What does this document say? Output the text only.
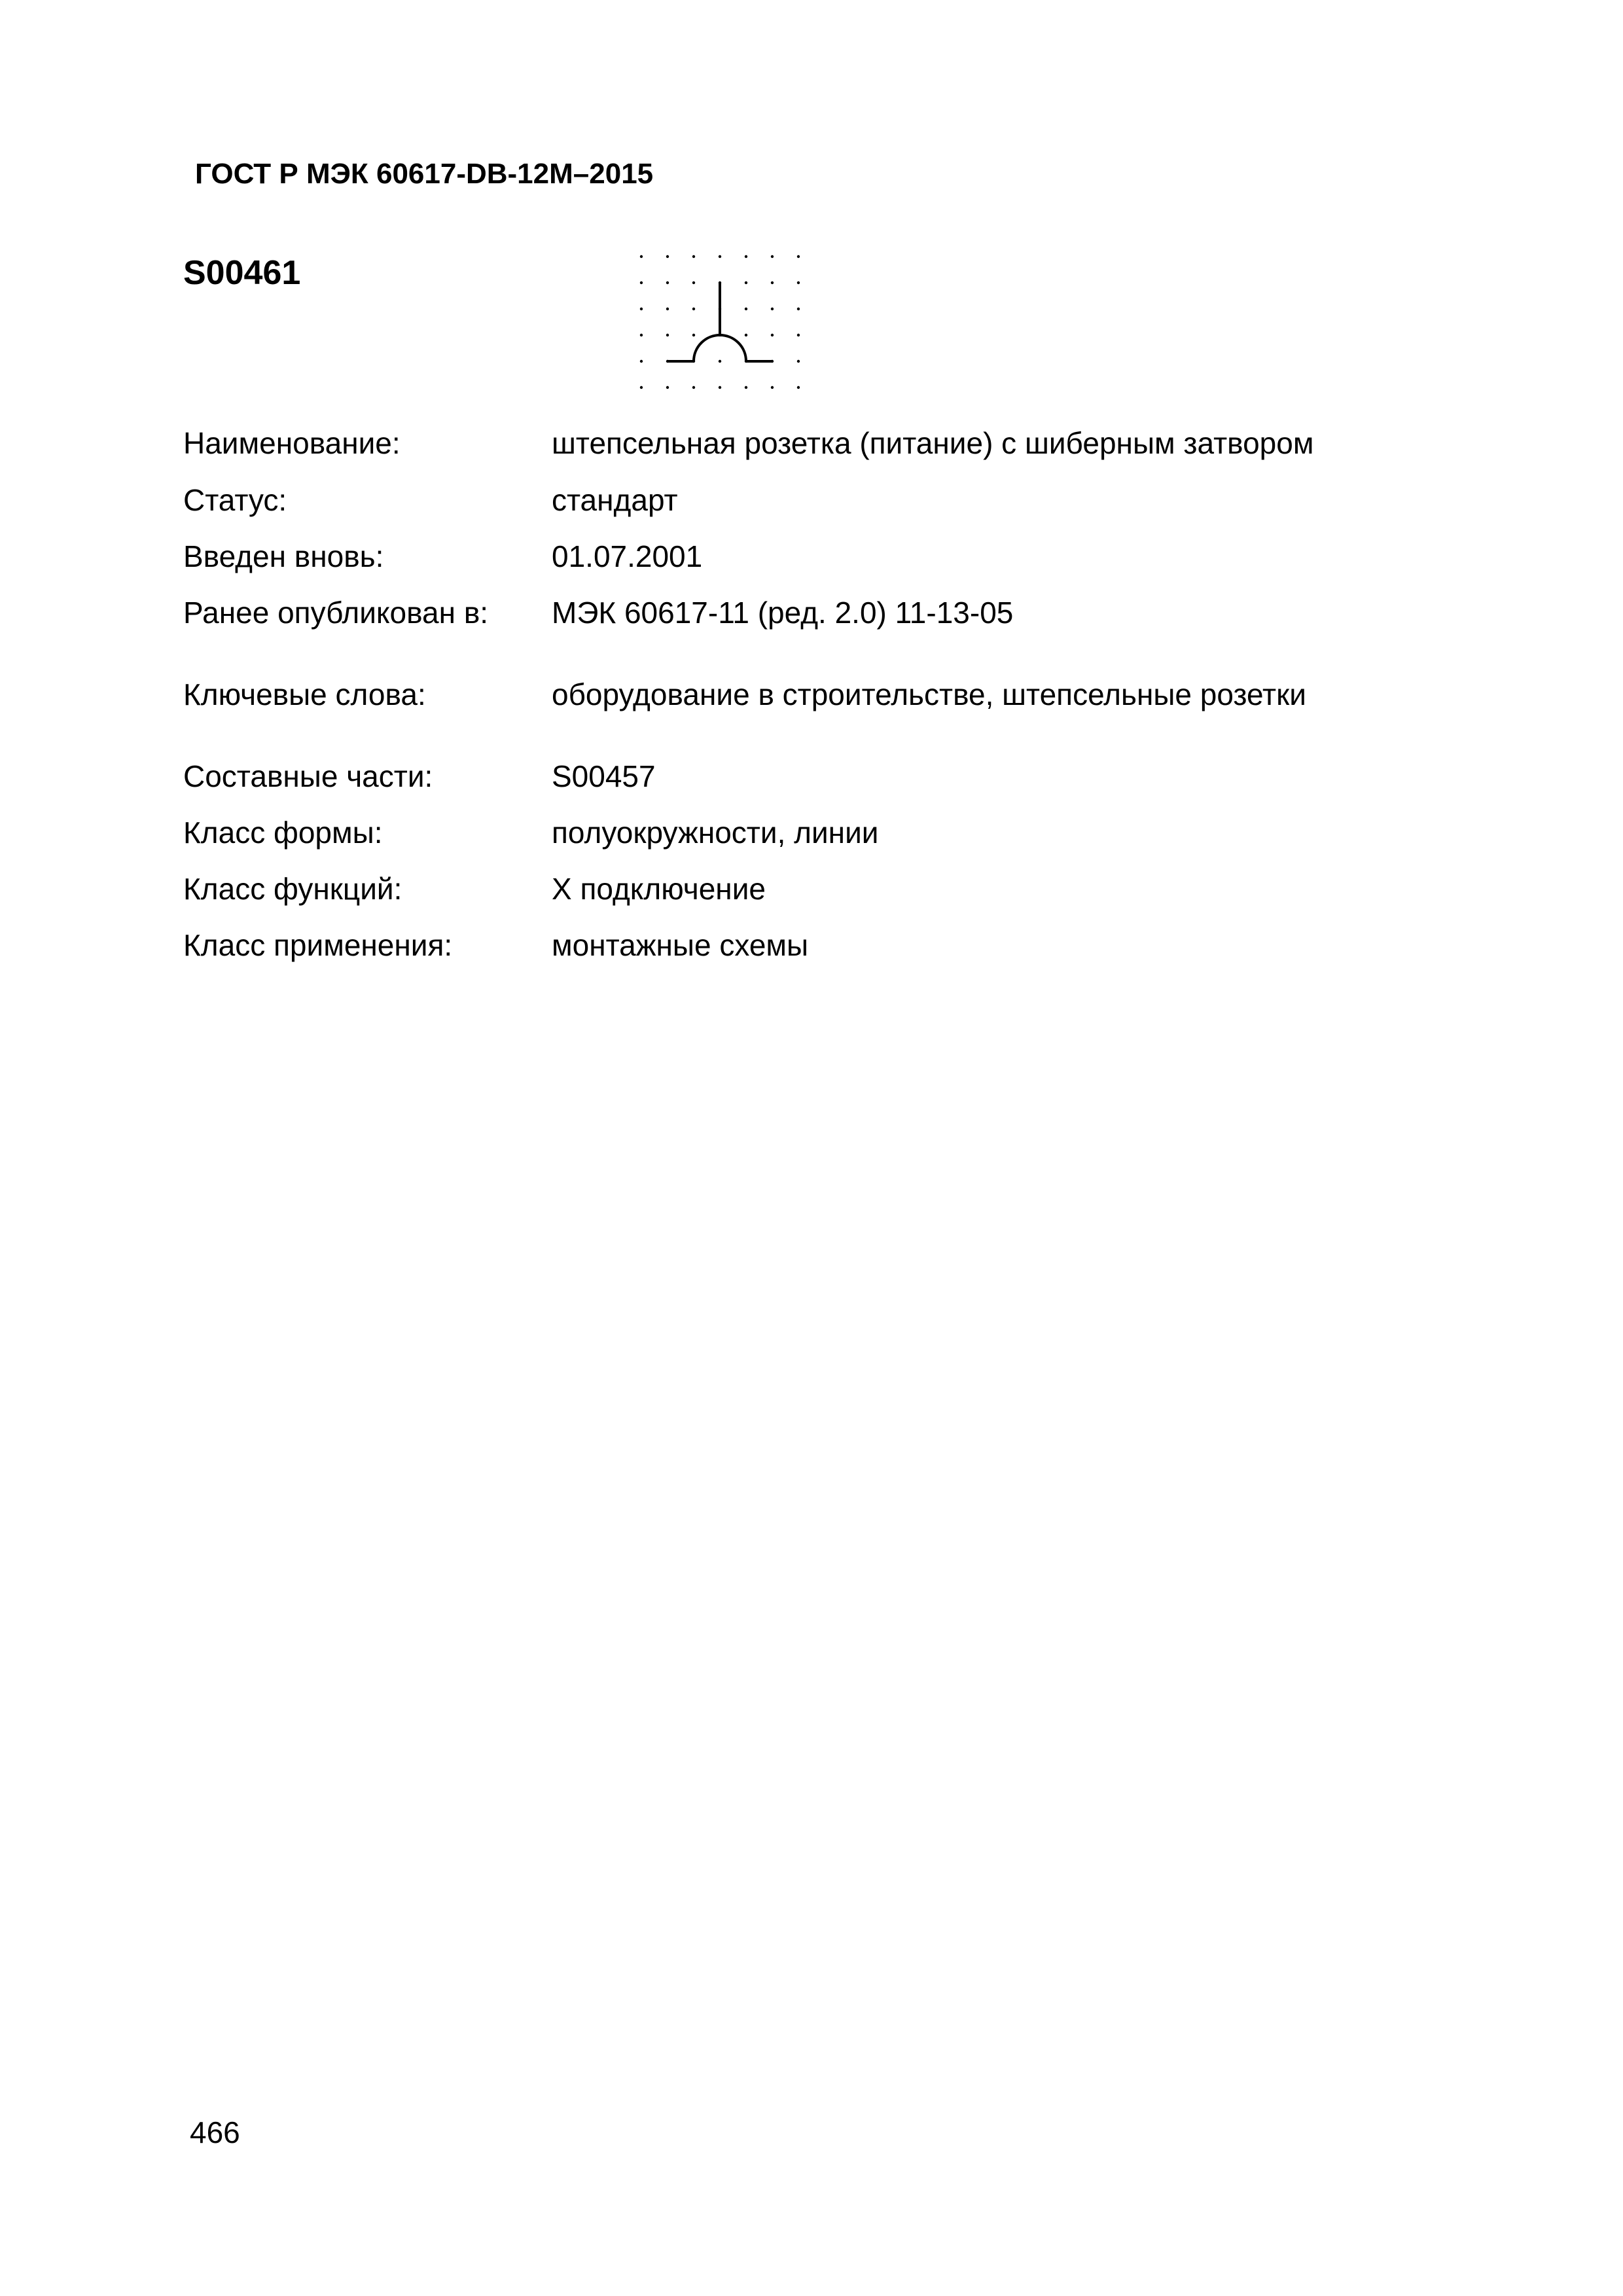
ГОСТ Р МЭК 60617-DB-12M–2015
S00461
Наименование:	штепсельная розетка (питание) с шиберным затвором
Статус:	стандарт
Введен вновь:	01.07.2001
Ранее опубликован в: МЭК 60617-11 (ред. 2.0) 11-13-05
Ключевые слова:	оборудование в строительстве, штепсельные розетки
Составные части:	S00457
Класс формы:	полуокружности, линии
Класс функций:	X подключение
Класс применения:	монтажные схемы
466
